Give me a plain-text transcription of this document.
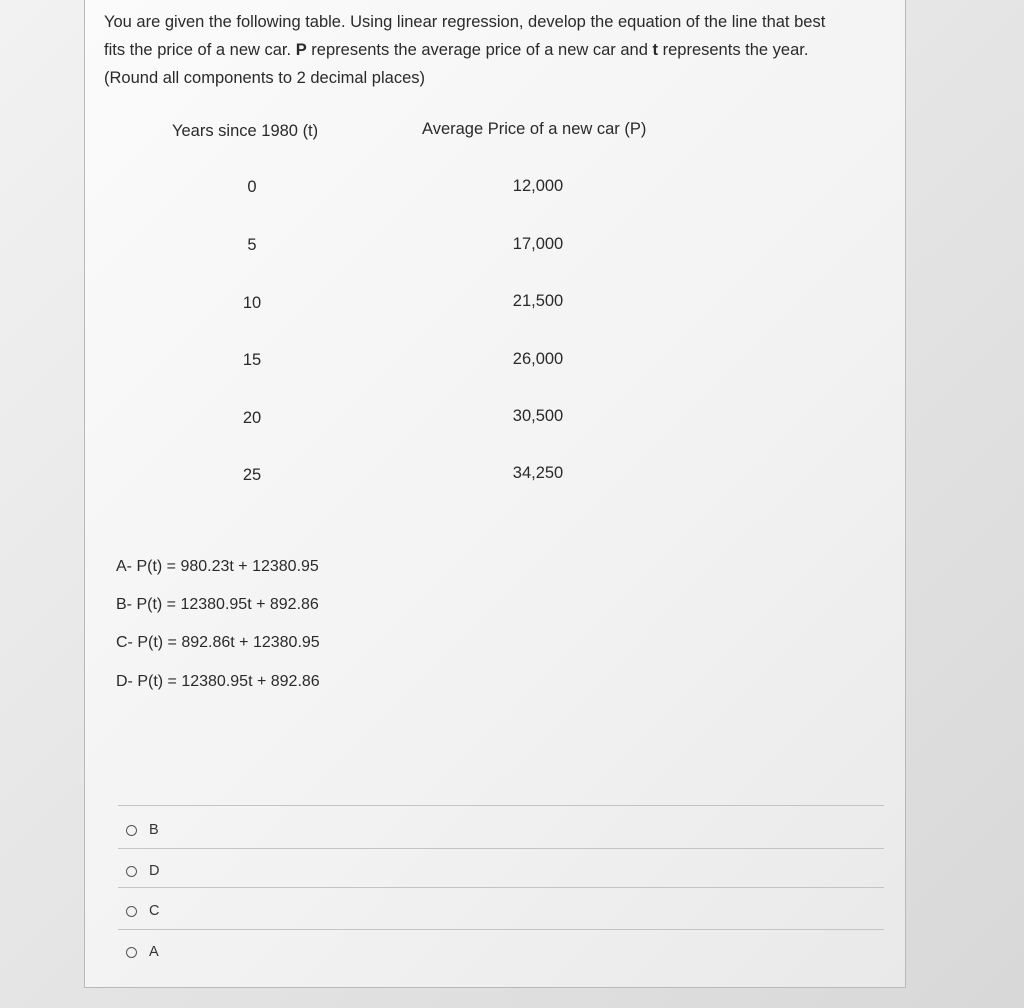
You are given the following table. Using linear regression, develop the equation of the line that best
fits the price of a new car. P represents the average price of a new car and t represents the year.
(Round all components to 2 decimal places)

Years since 1980 (t)	Average Price of a new car (P)
0	12,000
5	17,000
10	21,500
15	26,000
20	30,500
25	34,250
A- P(t) = 980.23t + 12380.95
B- P(t) = 12380.95t + 892.86
C- P(t) = 892.86t + 12380.95
D- P(t) = 12380.95t + 892.86
B
D
C
A
